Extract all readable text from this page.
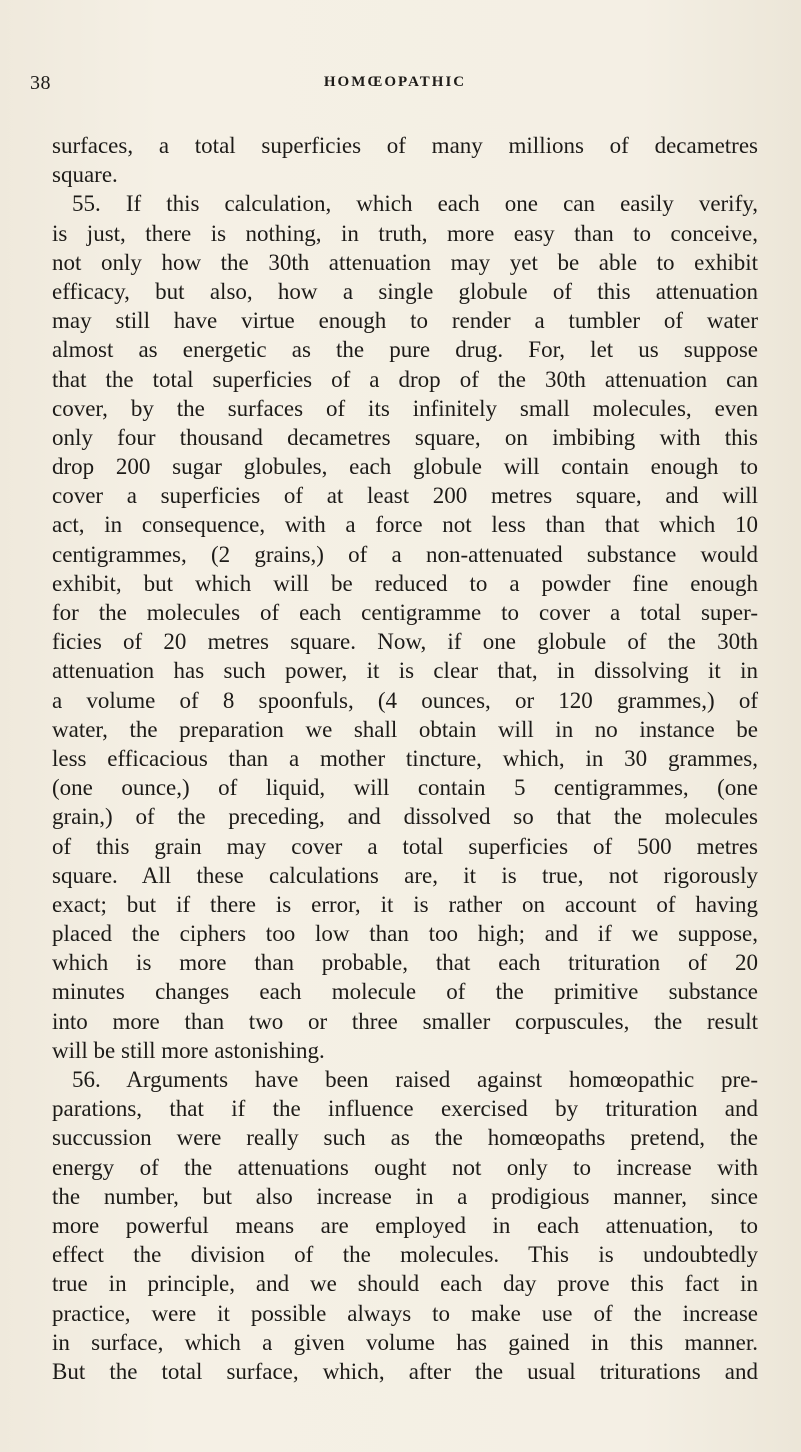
38	HOMŒOPATHIC
surfaces, a total superficies of many millions of decametres
square.
55. If this calculation, which each one can easily verify,
is just, there is nothing, in truth, more easy than to conceive,
not only how the 30th attenuation may yet be able to exhibit
efficacy, but also, how a single globule of this attenuation
may still have virtue enough to render a tumbler of water
almost as energetic as the pure drug. For, let us suppose
that the total superficies of a drop of the 30th attenuation can
cover, by the surfaces of its infinitely small molecules, even
only four thousand decametres square, on imbibing with this
drop 200 sugar globules, each globule will contain enough to
cover a superficies of at least 200 metres square, and will
act, in consequence, with a force not less than that which 10
centigrammes, (2 grains,) of a non-attenuated substance would
exhibit, but which will be reduced to a powder fine enough
for the molecules of each centigramme to cover a total super-
ficies of 20 metres square. Now, if one globule of the 30th
attenuation has such power, it is clear that, in dissolving it in
a volume of 8 spoonfuls, (4 ounces, or 120 grammes,) of
water, the preparation we shall obtain will in no instance be
less efficacious than a mother tincture, which, in 30 grammes,
(one ounce,) of liquid, will contain 5 centigrammes, (one
grain,) of the preceding, and dissolved so that the molecules
of this grain may cover a total superficies of 500 metres
square. All these calculations are, it is true, not rigorously
exact; but if there is error, it is rather on account of having
placed the ciphers too low than too high; and if we suppose,
which is more than probable, that each trituration of 20
minutes changes each molecule of the primitive substance
into more than two or three smaller corpuscules, the result
will be still more astonishing.
56. Arguments have been raised against homœopathic pre-
parations, that if the influence exercised by trituration and
succussion were really such as the homœopaths pretend, the
energy of the attenuations ought not only to increase with
the number, but also increase in a prodigious manner, since
more powerful means are employed in each attenuation, to
effect the division of the molecules. This is undoubtedly
true in principle, and we should each day prove this fact in
practice, were it possible always to make use of the increase
in surface, which a given volume has gained in this manner.
But the total surface, which, after the usual triturations and
